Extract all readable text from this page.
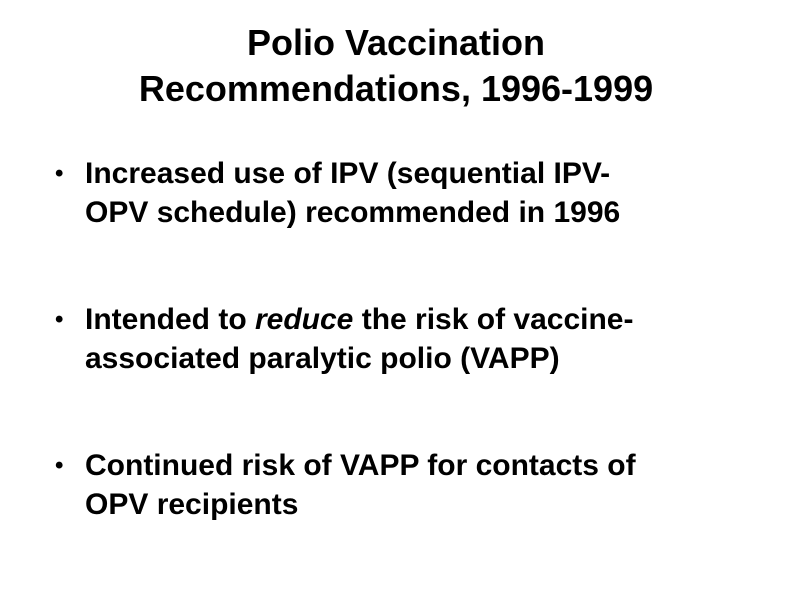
Polio Vaccination
Recommendations, 1996-1999
• Increased use of IPV (sequential IPV-
OPV schedule) recommended in 1996
• Intended to reduce the risk of vaccine-
associated paralytic polio (VAPP)
• Continued risk of VAPP for contacts of
OPV recipients
